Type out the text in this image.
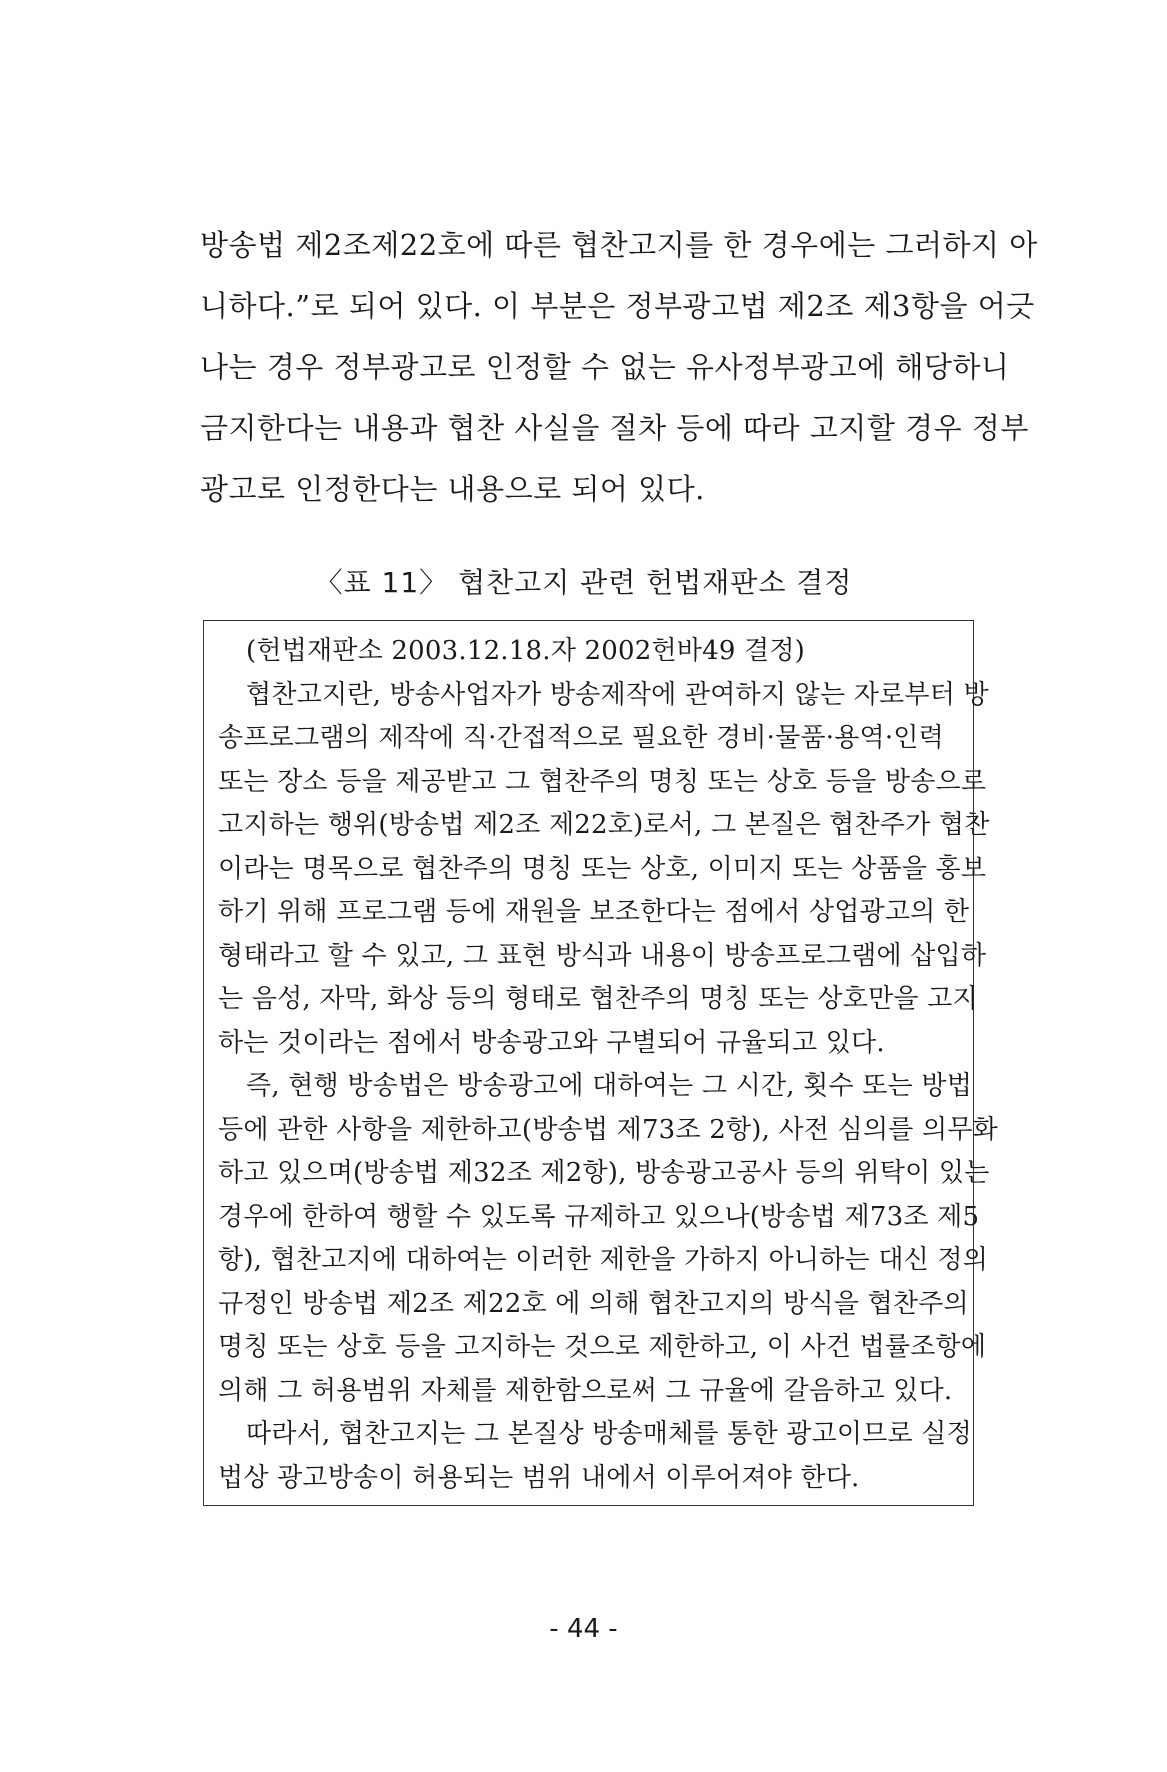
방송법 제2조제22호에 따른 협찬고지를 한 경우에는 그러하지 아
니하다.”로 되어 있다. 이 부분은 정부광고법 제2조 제3항을 어긋
나는 경우 정부광고로 인정할 수 없는 유사정부광고에 해당하니
금지한다는 내용과 협찬 사실을 절차 등에 따라 고지할 경우 정부
광고로 인정한다는 내용으로 되어 있다.
〈표 11〉 협찬고지 관련 헌법재판소 결정
(헌법재판소 2003.12.18.자 2002헌바49 결정)
협찬고지란, 방송사업자가 방송제작에 관여하지 않는 자로부터 방
송프로그램의 제작에 직·간접적으로 필요한 경비·물품·용역·인력
또는 장소 등을 제공받고 그 협찬주의 명칭 또는 상호 등을 방송으로
고지하는 행위(방송법 제2조 제22호)로서, 그 본질은 협찬주가 협찬
이라는 명목으로 협찬주의 명칭 또는 상호, 이미지 또는 상품을 홍보
하기 위해 프로그램 등에 재원을 보조한다는 점에서 상업광고의 한
형태라고 할 수 있고, 그 표현 방식과 내용이 방송프로그램에 삽입하
는 음성, 자막, 화상 등의 형태로 협찬주의 명칭 또는 상호만을 고지
하는 것이라는 점에서 방송광고와 구별되어 규율되고 있다.
즉, 현행 방송법은 방송광고에 대하여는 그 시간, 횟수 또는 방법
등에 관한 사항을 제한하고(방송법 제73조 2항), 사전 심의를 의무화
하고 있으며(방송법 제32조 제2항), 방송광고공사 등의 위탁이 있는
경우에 한하여 행할 수 있도록 규제하고 있으나(방송법 제73조 제5
항), 협찬고지에 대하여는 이러한 제한을 가하지 아니하는 대신 정의
규정인 방송법 제2조 제22호 에 의해 협찬고지의 방식을 협찬주의
명칭 또는 상호 등을 고지하는 것으로 제한하고, 이 사건 법률조항에
의해 그 허용범위 자체를 제한함으로써 그 규율에 갈음하고 있다.
따라서, 협찬고지는 그 본질상 방송매체를 통한 광고이므로 실정
법상 광고방송이 허용되는 범위 내에서 이루어져야 한다.
- 44 -
